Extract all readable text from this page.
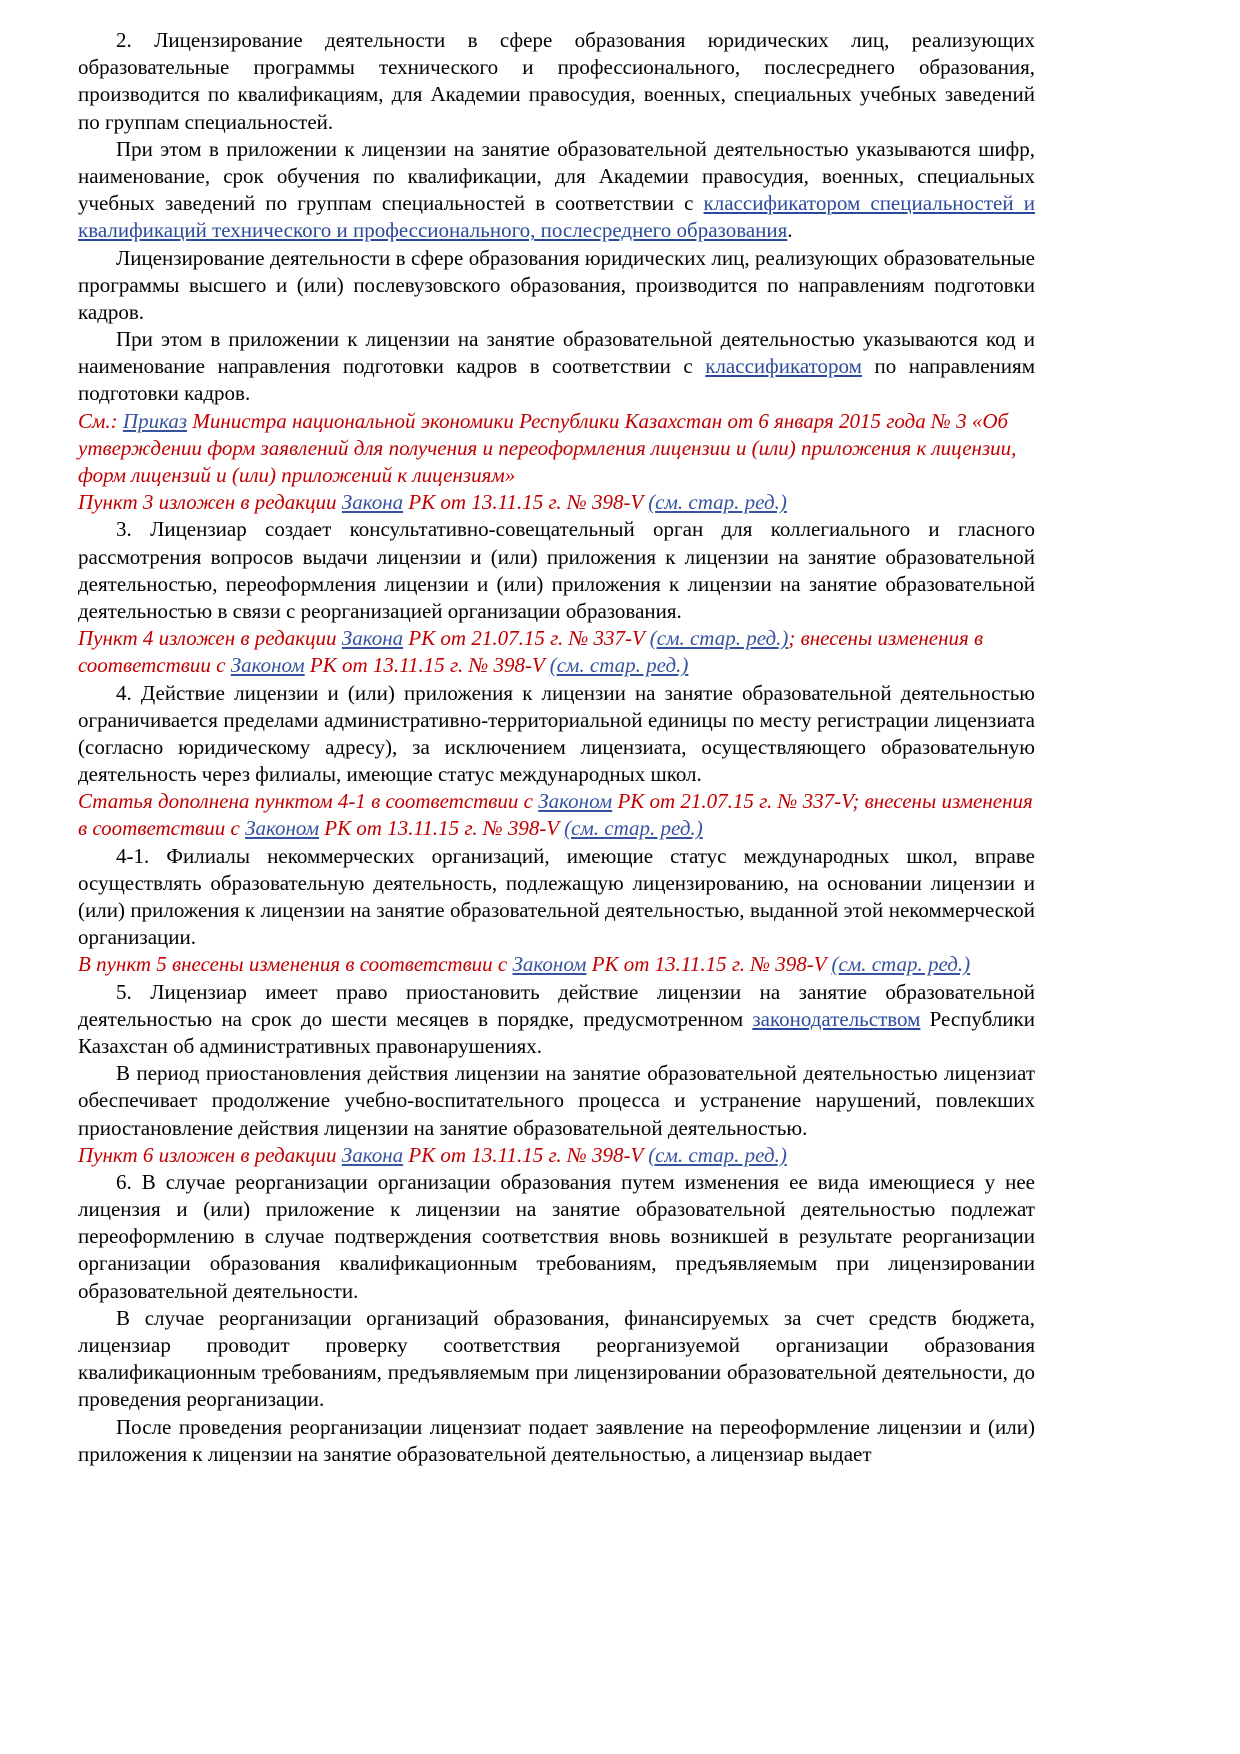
2. Лицензирование деятельности в сфере образования юридических лиц, реализующих образовательные программы технического и профессионального, послесреднего образования, производится по квалификациям, для Академии правосудия, военных, специальных учебных заведений по группам специальностей.

При этом в приложении к лицензии на занятие образовательной деятельностью указываются шифр, наименование, срок обучения по квалификации, для Академии правосудия, военных, специальных учебных заведений по группам специальностей в соответствии с классификатором специальностей и квалификаций технического и профессионального, послесреднего образования.

Лицензирование деятельности в сфере образования юридических лиц, реализующих образовательные программы высшего и (или) послевузовского образования, производится по направлениям подготовки кадров.

При этом в приложении к лицензии на занятие образовательной деятельностью указываются код и наименование направления подготовки кадров в соответствии с классификатором по направлениям подготовки кадров.

См.: Приказ Министра национальной экономики Республики Казахстан от 6 января 2015 года № 3 «Об утверждении форм заявлений для получения и переоформления лицензии и (или) приложения к лицензии, форм лицензий и (или) приложений к лицензиям»

Пункт 3 изложен в редакции Закона РК от 13.11.15 г. № 398-V (см. стар. ред.)

3. Лицензиар создает консультативно-совещательный орган для коллегиального и гласного рассмотрения вопросов выдачи лицензии и (или) приложения к лицензии на занятие образовательной деятельностью, переоформления лицензии и (или) приложения к лицензии на занятие образовательной деятельностью в связи с реорганизацией организации образования.

Пункт 4 изложен в редакции Закона РК от 21.07.15 г. № 337-V (см. стар. ред.); внесены изменения в соответствии с Законом РК от 13.11.15 г. № 398-V (см. стар. ред.)

4. Действие лицензии и (или) приложения к лицензии на занятие образовательной деятельностью ограничивается пределами административно-территориальной единицы по месту регистрации лицензиата (согласно юридическому адресу), за исключением лицензиата, осуществляющего образовательную деятельность через филиалы, имеющие статус международных школ.

Статья дополнена пунктом 4-1 в соответствии с Законом РК от 21.07.15 г. № 337-V; внесены изменения в соответствии с Законом РК от 13.11.15 г. № 398-V (см. стар. ред.)

4-1. Филиалы некоммерческих организаций, имеющие статус международных школ, вправе осуществлять образовательную деятельность, подлежащую лицензированию, на основании лицензии и (или) приложения к лицензии на занятие образовательной деятельностью, выданной этой некоммерческой организации.

В пункт 5 внесены изменения в соответствии с Законом РК от 13.11.15 г. № 398-V (см. стар. ред.)

5. Лицензиар имеет право приостановить действие лицензии на занятие образовательной деятельностью на срок до шести месяцев в порядке, предусмотренном законодательством Республики Казахстан об административных правонарушениях.

В период приостановления действия лицензии на занятие образовательной деятельностью лицензиат обеспечивает продолжение учебно-воспитательного процесса и устранение нарушений, повлекших приостановление действия лицензии на занятие образовательной деятельностью.

Пункт 6 изложен в редакции Закона РК от 13.11.15 г. № 398-V (см. стар. ред.)

6. В случае реорганизации организации образования путем изменения ее вида имеющиеся у нее лицензия и (или) приложение к лицензии на занятие образовательной деятельностью подлежат переоформлению в случае подтверждения соответствия вновь возникшей в результате реорганизации организации образования квалификационным требованиям, предъявляемым при лицензировании образовательной деятельности.

В случае реорганизации организаций образования, финансируемых за счет средств бюджета, лицензиар проводит проверку соответствия реорганизуемой организации образования квалификационным требованиям, предъявляемым при лицензировании образовательной деятельности, до проведения реорганизации.

После проведения реорганизации лицензиат подает заявление на переоформление лицензии и (или) приложения к лицензии на занятие образовательной деятельностью, а лицензиар выдает
